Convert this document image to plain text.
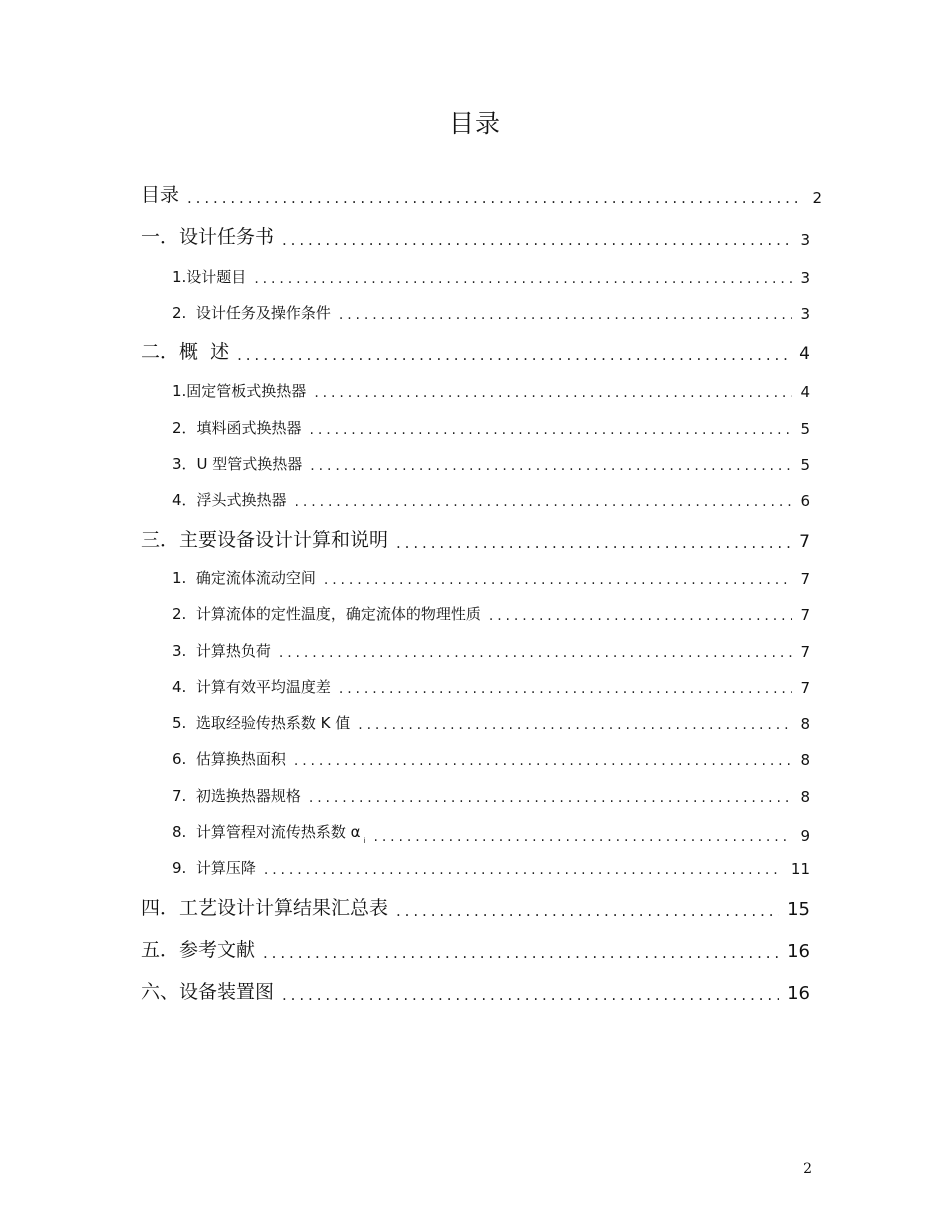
目录
目录 .....	2
一．设计任务书 .....	3
1.设计题目 .....	3
2.  设计任务及操作条件 .....	3
二．概  述 .....	4
1.固定管板式换热器 .....	4
2．填料函式换热器 .....	5
3．U 型管式换热器 .....	5
4．浮头式换热器 .....	6
三．主要设备设计计算和说明 .....	7
1.  确定流体流动空间 .....	7
2.  计算流体的定性温度，确定流体的物理性质 .....	7
3.  计算热负荷 .....	7
4.  计算有效平均温度差 .....	7
5.  选取经验传热系数 K 值 .....	8
6.  估算换热面积 .....	8
7.  初选换热器规格 .....	8
8.  计算管程对流传热系数 α $_i$ .....	9
9.  计算压降 .....	11
四．工艺设计计算结果汇总表 .....	15
五．参考文献 .....	16
六、设备装置图 .....	16
2
